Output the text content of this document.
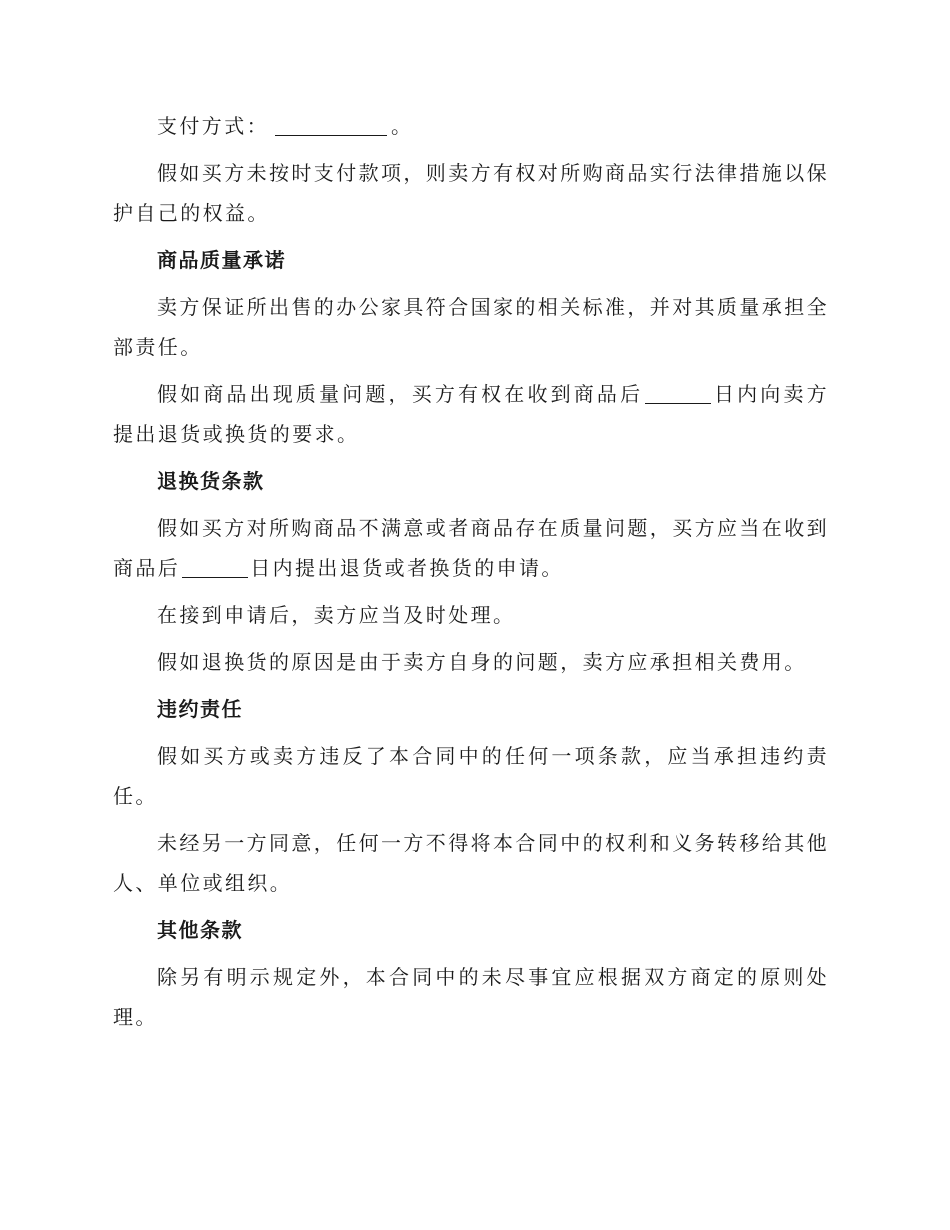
支付方式：	。

假如买方未按时支付款项，则卖方有权对所购商品实行法律措施以保护自己的权益。

商品质量承诺

卖方保证所出售的办公家具符合国家的相关标准，并对其质量承担全部责任。

假如商品出现质量问题，买方有权在收到商品后	日内向卖方提出退货或换货的要求。

退换货条款

假如买方对所购商品不满意或者商品存在质量问题，买方应当在收到商品后	日内提出退货或者换货的申请。

在接到申请后，卖方应当及时处理。

假如退换货的原因是由于卖方自身的问题，卖方应承担相关费用。

违约责任

假如买方或卖方违反了本合同中的任何一项条款，应当承担违约责任。

未经另一方同意，任何一方不得将本合同中的权利和义务转移给其他人、单位或组织。

其他条款

除另有明示规定外，本合同中的未尽事宜应根据双方商定的原则处理。
